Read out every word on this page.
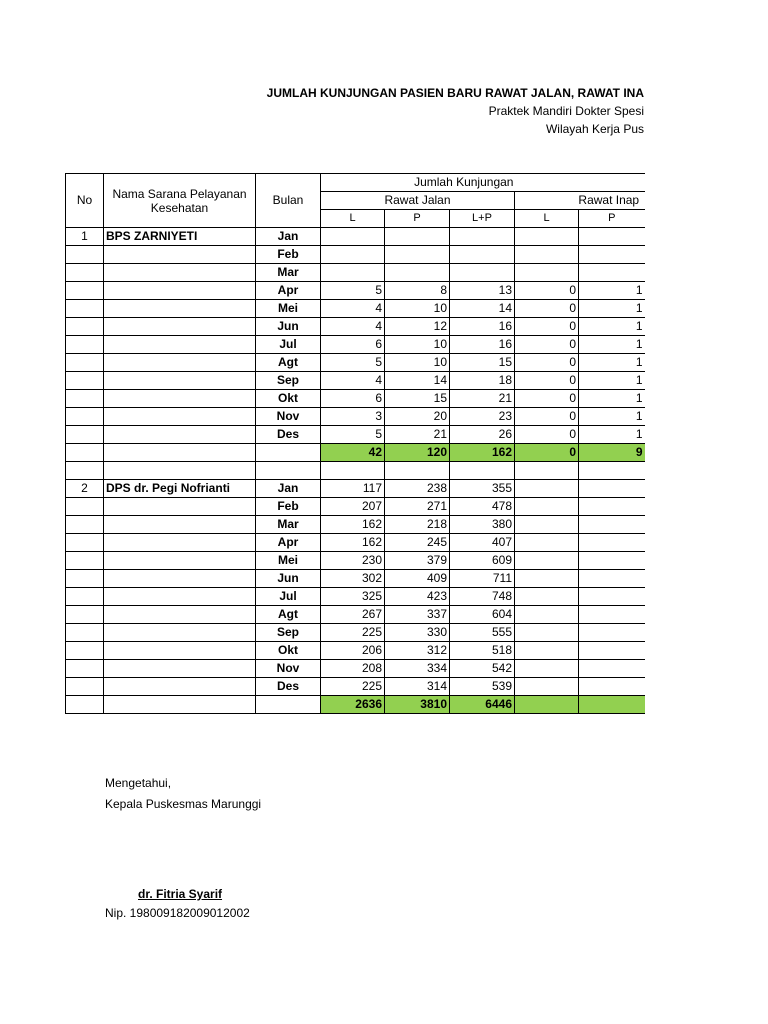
JUMLAH KUNJUNGAN PASIEN BARU RAWAT JALAN, RAWAT INA
Praktek Mandiri Dokter Spesi
Wilayah Kerja Pus
No	Nama Sarana Pelayanan Kesehatan	Bulan	Jumlah Kunjungan				
			Rawat Jalan			Rawat Inap	
			L	P	L+P	L	P
1	BPS ZARNIYETI	Jan					
		Feb					
		Mar					
		Apr	5	8	13	0	1
		Mei	4	10	14	0	1
		Jun	4	12	16	0	1
		Jul	6	10	16	0	1
		Agt	5	10	15	0	1
		Sep	4	14	18	0	1
		Okt	6	15	21	0	1
		Nov	3	20	23	0	1
		Des	5	21	26	0	1
			42	120	162	0	9

2	DPS dr. Pegi Nofrianti	Jan	117	238	355		
		Feb	207	271	478		
		Mar	162	218	380		
		Apr	162	245	407		
		Mei	230	379	609		
		Jun	302	409	711		
		Jul	325	423	748		
		Agt	267	337	604		
		Sep	225	330	555		
		Okt	206	312	518		
		Nov	208	334	542		
		Des	225	314	539		
			2636	3810	6446		
Mengetahui,
Kepala Puskesmas Marunggi
dr. Fitria Syarif
Nip. 198009182009012002
